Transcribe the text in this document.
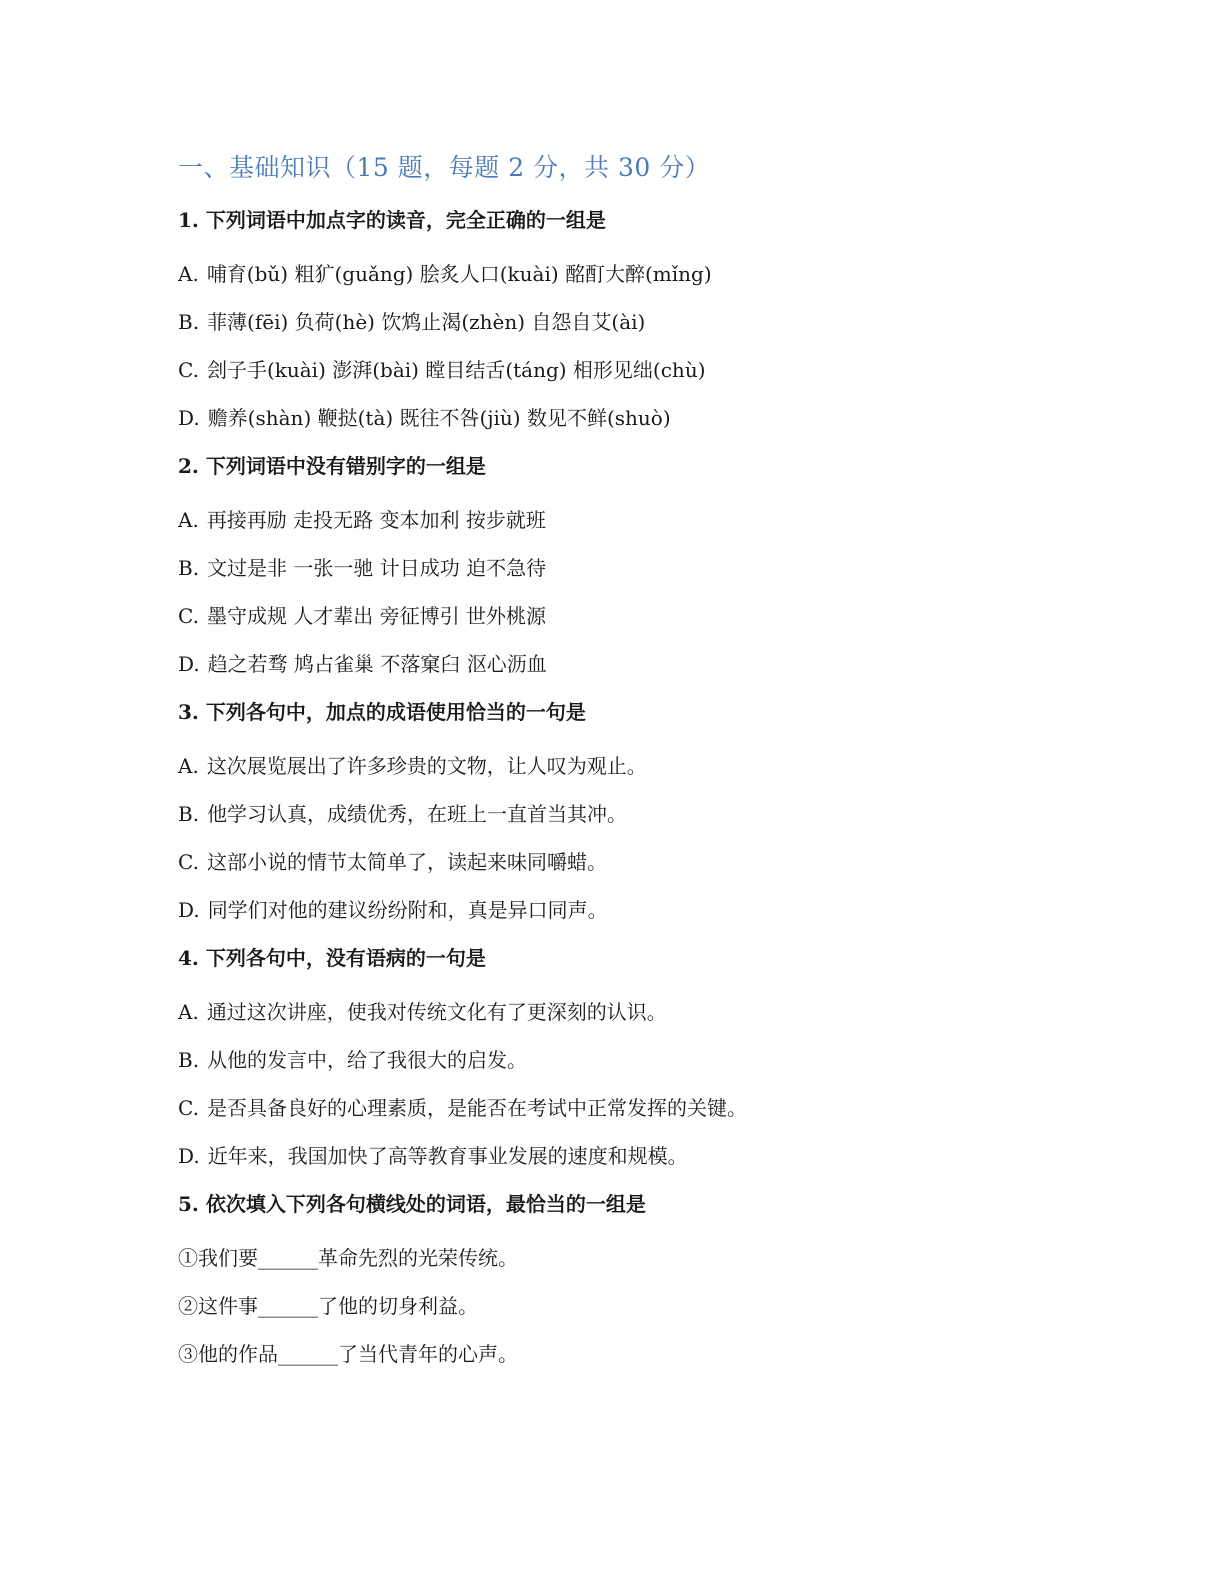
一、基础知识（15 题，每题 2 分，共 30 分）

1. 下列词语中加点字的读音，完全正确的一组是

A. 哺育(bǔ) 粗犷(guǎng) 脍炙人口(kuài) 酩酊大醉(mǐng)

B. 菲薄(fēi) 负荷(hè) 饮鸩止渴(zhèn) 自怨自艾(ài)

C. 刽子手(kuài) 澎湃(bài) 瞠目结舌(táng) 相形见绌(chù)

D. 赡养(shàn) 鞭挞(tà) 既往不咎(jiù) 数见不鲜(shuò)

2. 下列词语中没有错别字的一组是

A. 再接再励 走投无路 变本加利 按步就班

B. 文过是非 一张一驰 计日成功 迫不急待

C. 墨守成规 人才辈出 旁征博引 世外桃源

D. 趋之若骛 鸠占雀巢 不落窠臼 沤心沥血

3. 下列各句中，加点的成语使用恰当的一句是

A. 这次展览展出了许多珍贵的文物，让人叹为观止。

B. 他学习认真，成绩优秀，在班上一直首当其冲。

C. 这部小说的情节太简单了，读起来味同嚼蜡。

D. 同学们对他的建议纷纷附和，真是异口同声。

4. 下列各句中，没有语病的一句是

A. 通过这次讲座，使我对传统文化有了更深刻的认识。

B. 从他的发言中，给了我很大的启发。

C. 是否具备良好的心理素质，是能否在考试中正常发挥的关键。

D. 近年来，我国加快了高等教育事业发展的速度和规模。

5. 依次填入下列各句横线处的词语，最恰当的一组是

①我们要______革命先烈的光荣传统。

②这件事______了他的切身利益。

③他的作品______了当代青年的心声。
